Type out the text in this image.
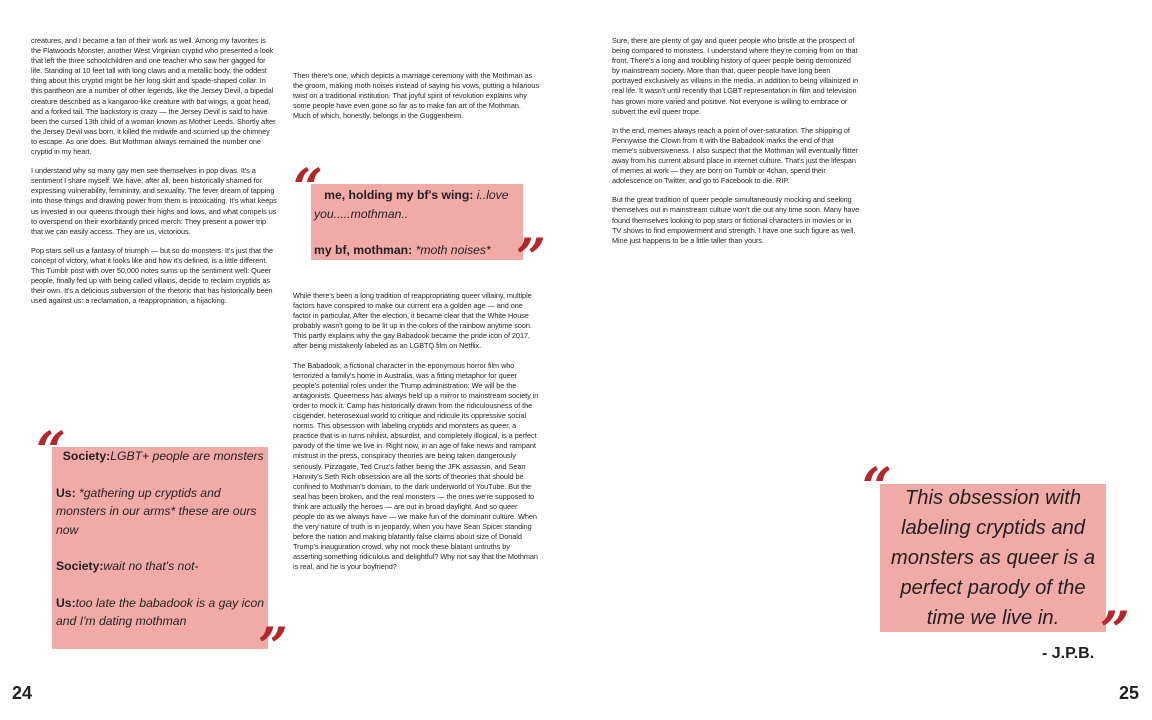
creatures, and I became a fan of their work as well. Among my favorites is the Flatwoods Monster, another West Virginian cryptid who presented a look that left the three schoolchildren and one teacher who saw her gagged for life. Standing at 10 feet tall with long claws and a metallic body, the oddest thing about this cryptid might be her long skirt and spade-shaped collar. In this pantheon are a number of other legends, like the Jersey Devil, a bipedal creature described as a kangaroo-like creature with bat wings, a goat head, and a forked tail. The backstory is crazy — the Jersey Devil is said to have been the cursed 13th child of a woman known as Mother Leeds. Shortly after the Jersey Devil was born, it killed the midwife and scurried up the chimney to escape. As one does. But Mothman always remained the number one cryptid in my heart.

I understand why so many gay men see themselves in pop divas. It's a sentiment I share myself. We have, after all, been historically shamed for expressing vulnerability, femininity, and sexuality. The fever dream of tapping into those things and drawing power from them is intoxicating. It's what keeps us invested in our queens through their highs and lows, and what compels us to overspend on their exorbitantly priced merch: They present a power trip that we can easily access. They are us, victorious.

Pop stars sell us a fantasy of triumph — but so do monsters. It's just that the concept of victory, what it looks like and how it's defined, is a little different. This Tumblr post with over 50,000 notes sums up the sentiment well: Queer people, finally fed up with being called villains, decide to reclaim cryptids as their own. It's a delicious subversion of the rhetoric that has historically been used against us: a reclamation, a reappropriation, a hijacking.

Society:LGBT+ people are monsters

Us: *gathering up cryptids and monsters in our arms* these are ours now

Society:wait no that's not-

Us:too late the babadook is a gay icon and I'm dating mothman

“
”

Then there's one, which depicts a marriage ceremony with the Mothman as the groom, making moth noises instead of saying his vows, putting a hilarious twist on a traditional institution. That joyful spirit of revolution explains why some people have even gone so far as to make fan art of the Mothman. Much of which, honestly, belongs in the Guggenheim.

me, holding my bf's wing: i..love you.....mothman..

my bf, mothman: *moth noises*

“
”

While there's been a long tradition of reappropriating queer villainy, multiple factors have conspired to make our current era a golden age — and one factor in particular. After the election, it became clear that the White House probably wasn't going to be lit up in the colors of the rainbow anytime soon. This partly explains why the gay Babadook became the pride icon of 2017, after being mistakenly labeled as an LGBTQ film on Netflix.

The Babadook, a fictional character in the eponymous horror film who terrorized a family's home in Australia, was a fitting metaphor for queer people's potential roles under the Trump administration: We will be the antagonists. Queerness has always held up a mirror to mainstream society in order to mock it. Camp has historically drawn from the ridiculousness of the cisgender, heterosexual world to critique and ridicule its oppressive social norms. This obsession with labeling cryptids and monsters as queer, a practice that is in turns nihilist, absurdist, and completely illogical, is a perfect parody of the time we live in. Right now, in an age of fake news and rampant mistrust in the press, conspiracy theories are being taken dangerously seriously. Pizzagate, Ted Cruz's father being the JFK assassin, and Sean Hannity's Seth Rich obsession are all the sorts of theories that should be confined to Mothman's domain, to the dark underworld of YouTube. But the seal has been broken, and the real monsters — the ones we're supposed to think are actually the heroes — are out in broad daylight. And so queer people do as we always have — we make fun of the dominant culture. When the very nature of truth is in jeopardy, when you have Sean Spicer standing before the nation and making blatantly false claims about size of Donald Trump's inauguration crowd, why not mock these blatant untruths by asserting something ridiculous and delightful? Why not say that the Mothman is real, and he is your boyfriend?

Sure, there are plenty of gay and queer people who bristle at the prospect of being compared to monsters. I understand where they're coming from on that front. There's a long and troubling history of queer people being demonized by mainstream society. More than that, queer people have long been portrayed exclusively as villains in the media, in addition to being villainized in real life. It wasn't until recently that LGBT representation in film and television has grown more varied and positive. Not everyone is willing to embrace or subvert the evil queer trope.

In the end, memes always reach a point of over-saturation. The shipping of Pennywise the Clown from It with the Babadook marks the end of that meme's subversiveness. I also suspect that the Mothman will eventually flitter away from his current absurd place in internet culture. That's just the lifespan of memes at work — they are born on Tumblr or 4chan, spend their adolescence on Twitter, and go to Facebook to die. RIP.

But the great tradition of queer people simultaneously mocking and seeking themselves out in mainstream culture won't die out any time soon. Many have found themselves looking to pop stars or fictional characters in movies or in TV shows to find empowerment and strength. I have one such figure as well. Mine just happens to be a little taller than yours.

This obsession with labeling cryptids and monsters as queer is a perfect parody of the time we live in.
“
”
- J.P.B.
24	25
